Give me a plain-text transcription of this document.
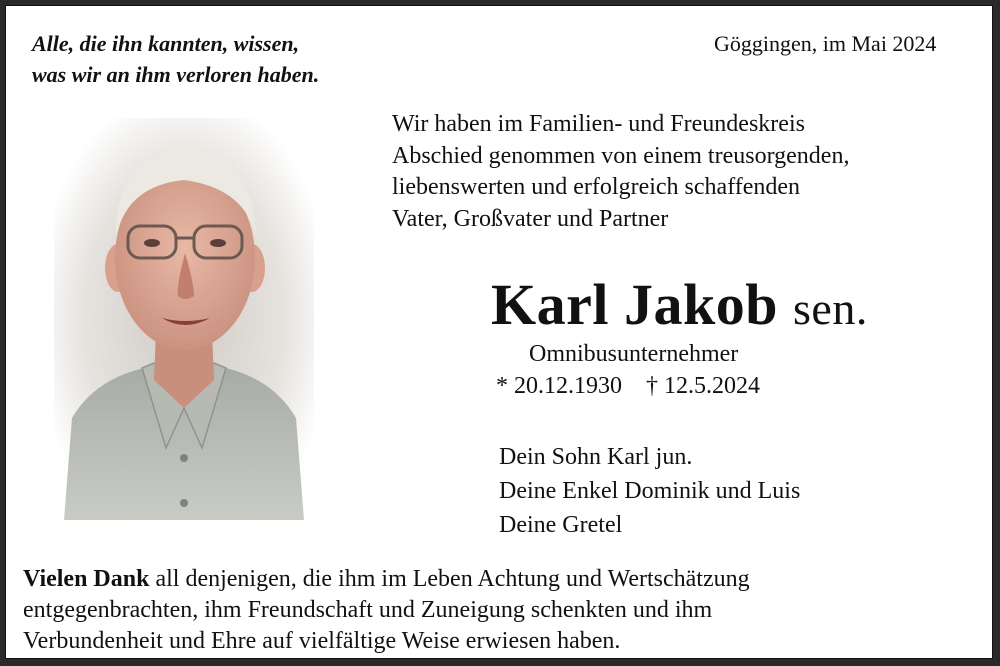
Alle, die ihn kannten, wissen,
was wir an ihm verloren haben.
Göggingen, im Mai 2024
Wir haben im Familien- und Freundeskreis
Abschied genommen von einem treusorgenden,
liebenswerten und erfolgreich schaffenden
Vater, Großvater und Partner
Karl Jakob sen.
Omnibusunternehmer
* 20.12.1930 † 12.5.2024
Dein Sohn Karl jun.
Deine Enkel Dominik und Luis
Deine Gretel
Vielen Dank all denjenigen, die ihm im Leben Achtung und Wertschätzung
entgegenbrachten, ihm Freundschaft und Zuneigung schenkten und ihm
Verbundenheit und Ehre auf vielfältige Weise erwiesen haben.
